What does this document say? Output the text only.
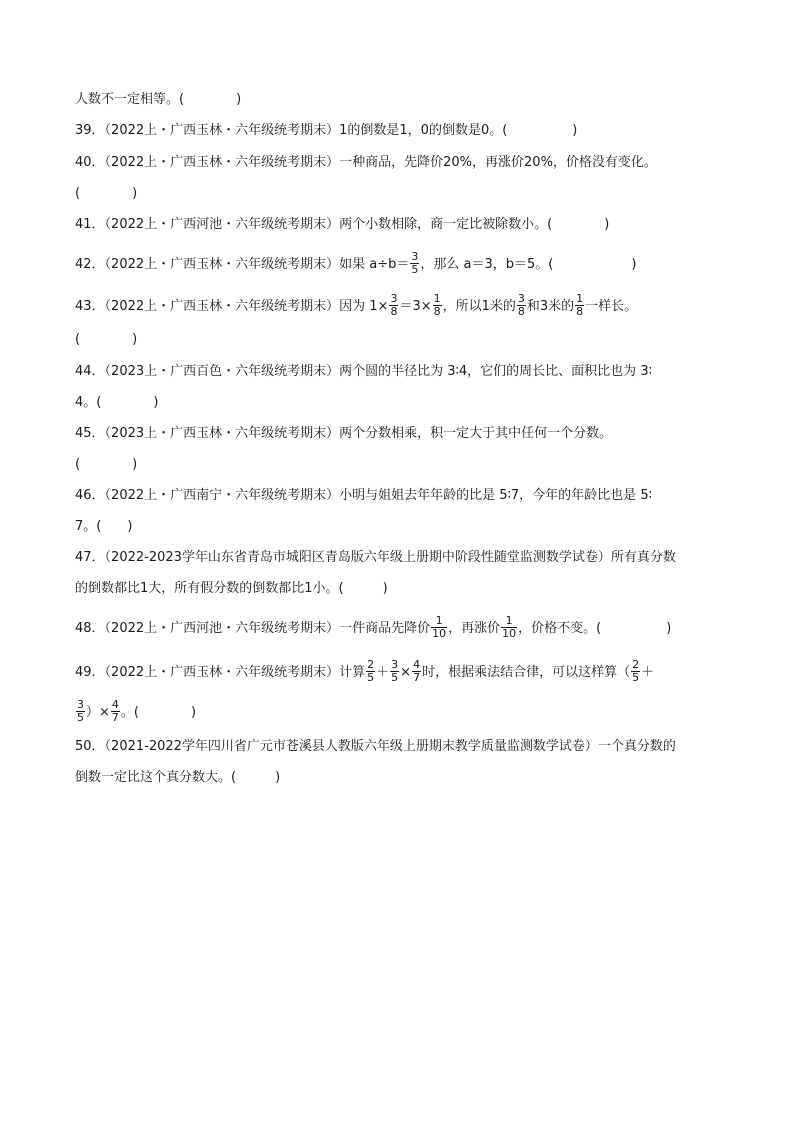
人数不一定相等。(　　　　)
39．（2022上・广西玉林・六年级统考期末）1的倒数是1，0的倒数是0。(　　　　　)
40．（2022上・广西玉林・六年级统考期末）一种商品，先降价20%，再涨价20%，价格没有变化。
(　　　　)
41．（2022上・广西河池・六年级统考期末）两个小数相除，商一定比被除数小。(　　　　)
42．（2022上・广西玉林・六年级统考期末）如果 $a\div b= \frac{3}{5}$ ，那么 a＝3，b＝5。(　　　　　　)
43．（2022上・广西玉林・六年级统考期末）因为 $1\times \frac{3}{8} =3\times \frac{1}{8}$ ，所以1米的 $\frac{3}{8}$ 和3米的 $\frac{1}{8}$ 一样长。
(　　　　)
44．（2023上・广西百色・六年级统考期末）两个圆的半径比为 3∶4，它们的周长比、面积比也为 3∶
4。(　　　　)
45．（2023上・广西玉林・六年级统考期末）两个分数相乘，积一定大于其中任何一个分数。
(　　　　)
46．（2022上・广西南宁・六年级统考期末）小明与姐姐去年年龄的比是 5∶7，今年的年龄比也是 5∶
7。(　　)
47．（2022-2023学年山东省青岛市城阳区青岛版六年级上册期中阶段性随堂监测数学试卷）所有真分数
的倒数都比1大，所有假分数的倒数都比1小。(　　　)
48．（2022上・广西河池・六年级统考期末）一件商品先降价 $\frac{1}{10}$ ，再涨价 $\frac{1}{10}$ ，价格不变。(　　　　　)
49．（2022上・广西玉林・六年级统考期末）计算 $\frac{2}{5} + \frac{3}{5} \times \frac{4}{7}$ 时，根据乘法结合律，可以这样算（ $\frac{2}{5}$ ＋
$\frac{3}{5}$ ）× $\frac{4}{7}$ 。(　　　　)
50．（2021-2022学年四川省广元市苍溪县人教版六年级上册期末教学质量监测数学试卷）一个真分数的
倒数一定比这个真分数大。(　　　)
